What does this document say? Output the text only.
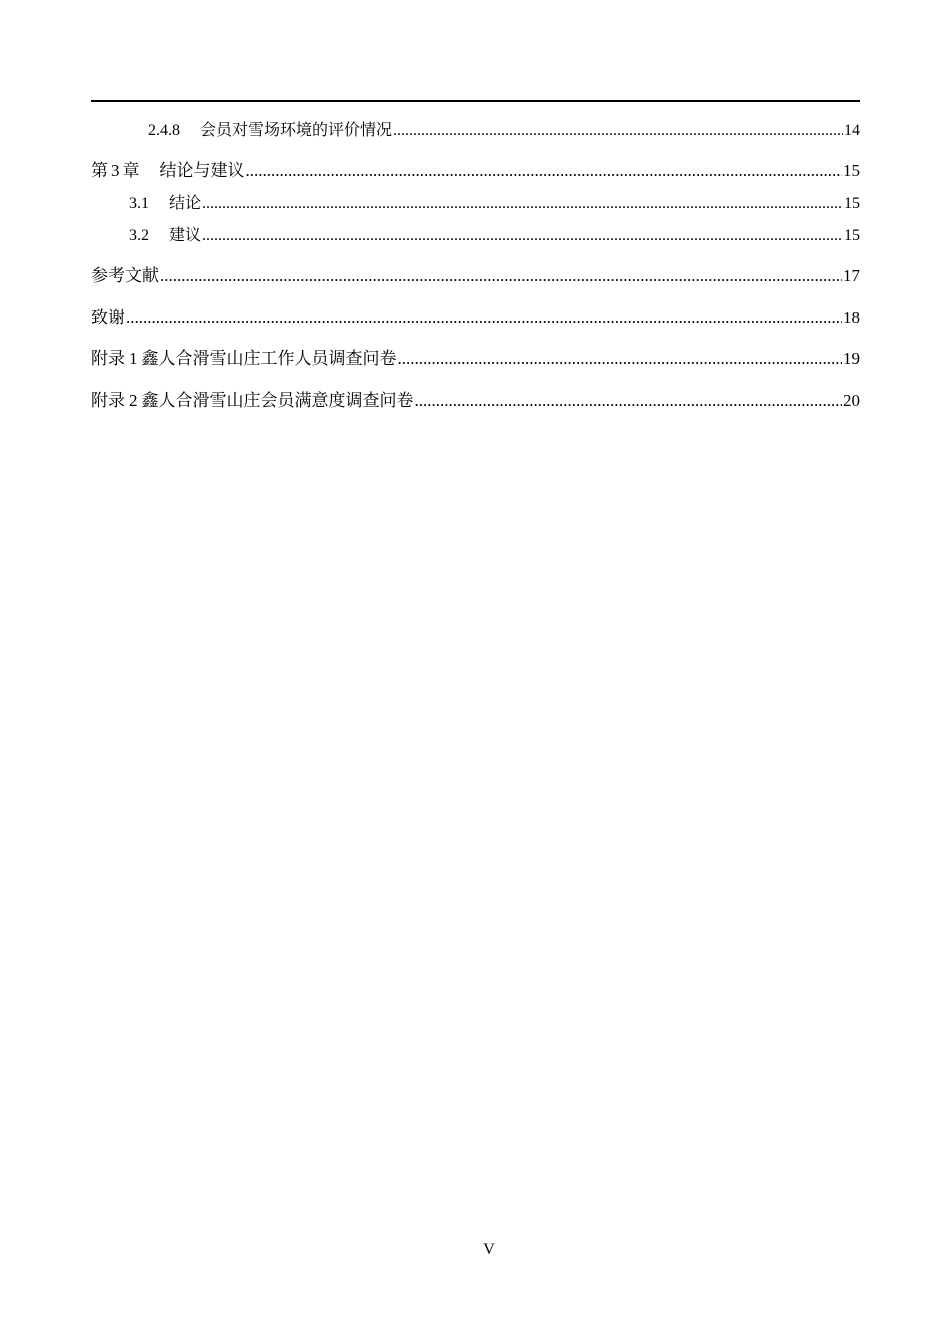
2.4.8 会员对雪场环境的评价情况 .....	14
第 3 章 结论与建议 .....	15
3.1 结论 .....	15
3.2 建议 .....	15
参考文献 .....	17
致谢 .....	18
附录 1 鑫人合滑雪山庄工作人员调查问卷 .....	19
附录 2 鑫人合滑雪山庄会员满意度调查问卷 .....	20
V
